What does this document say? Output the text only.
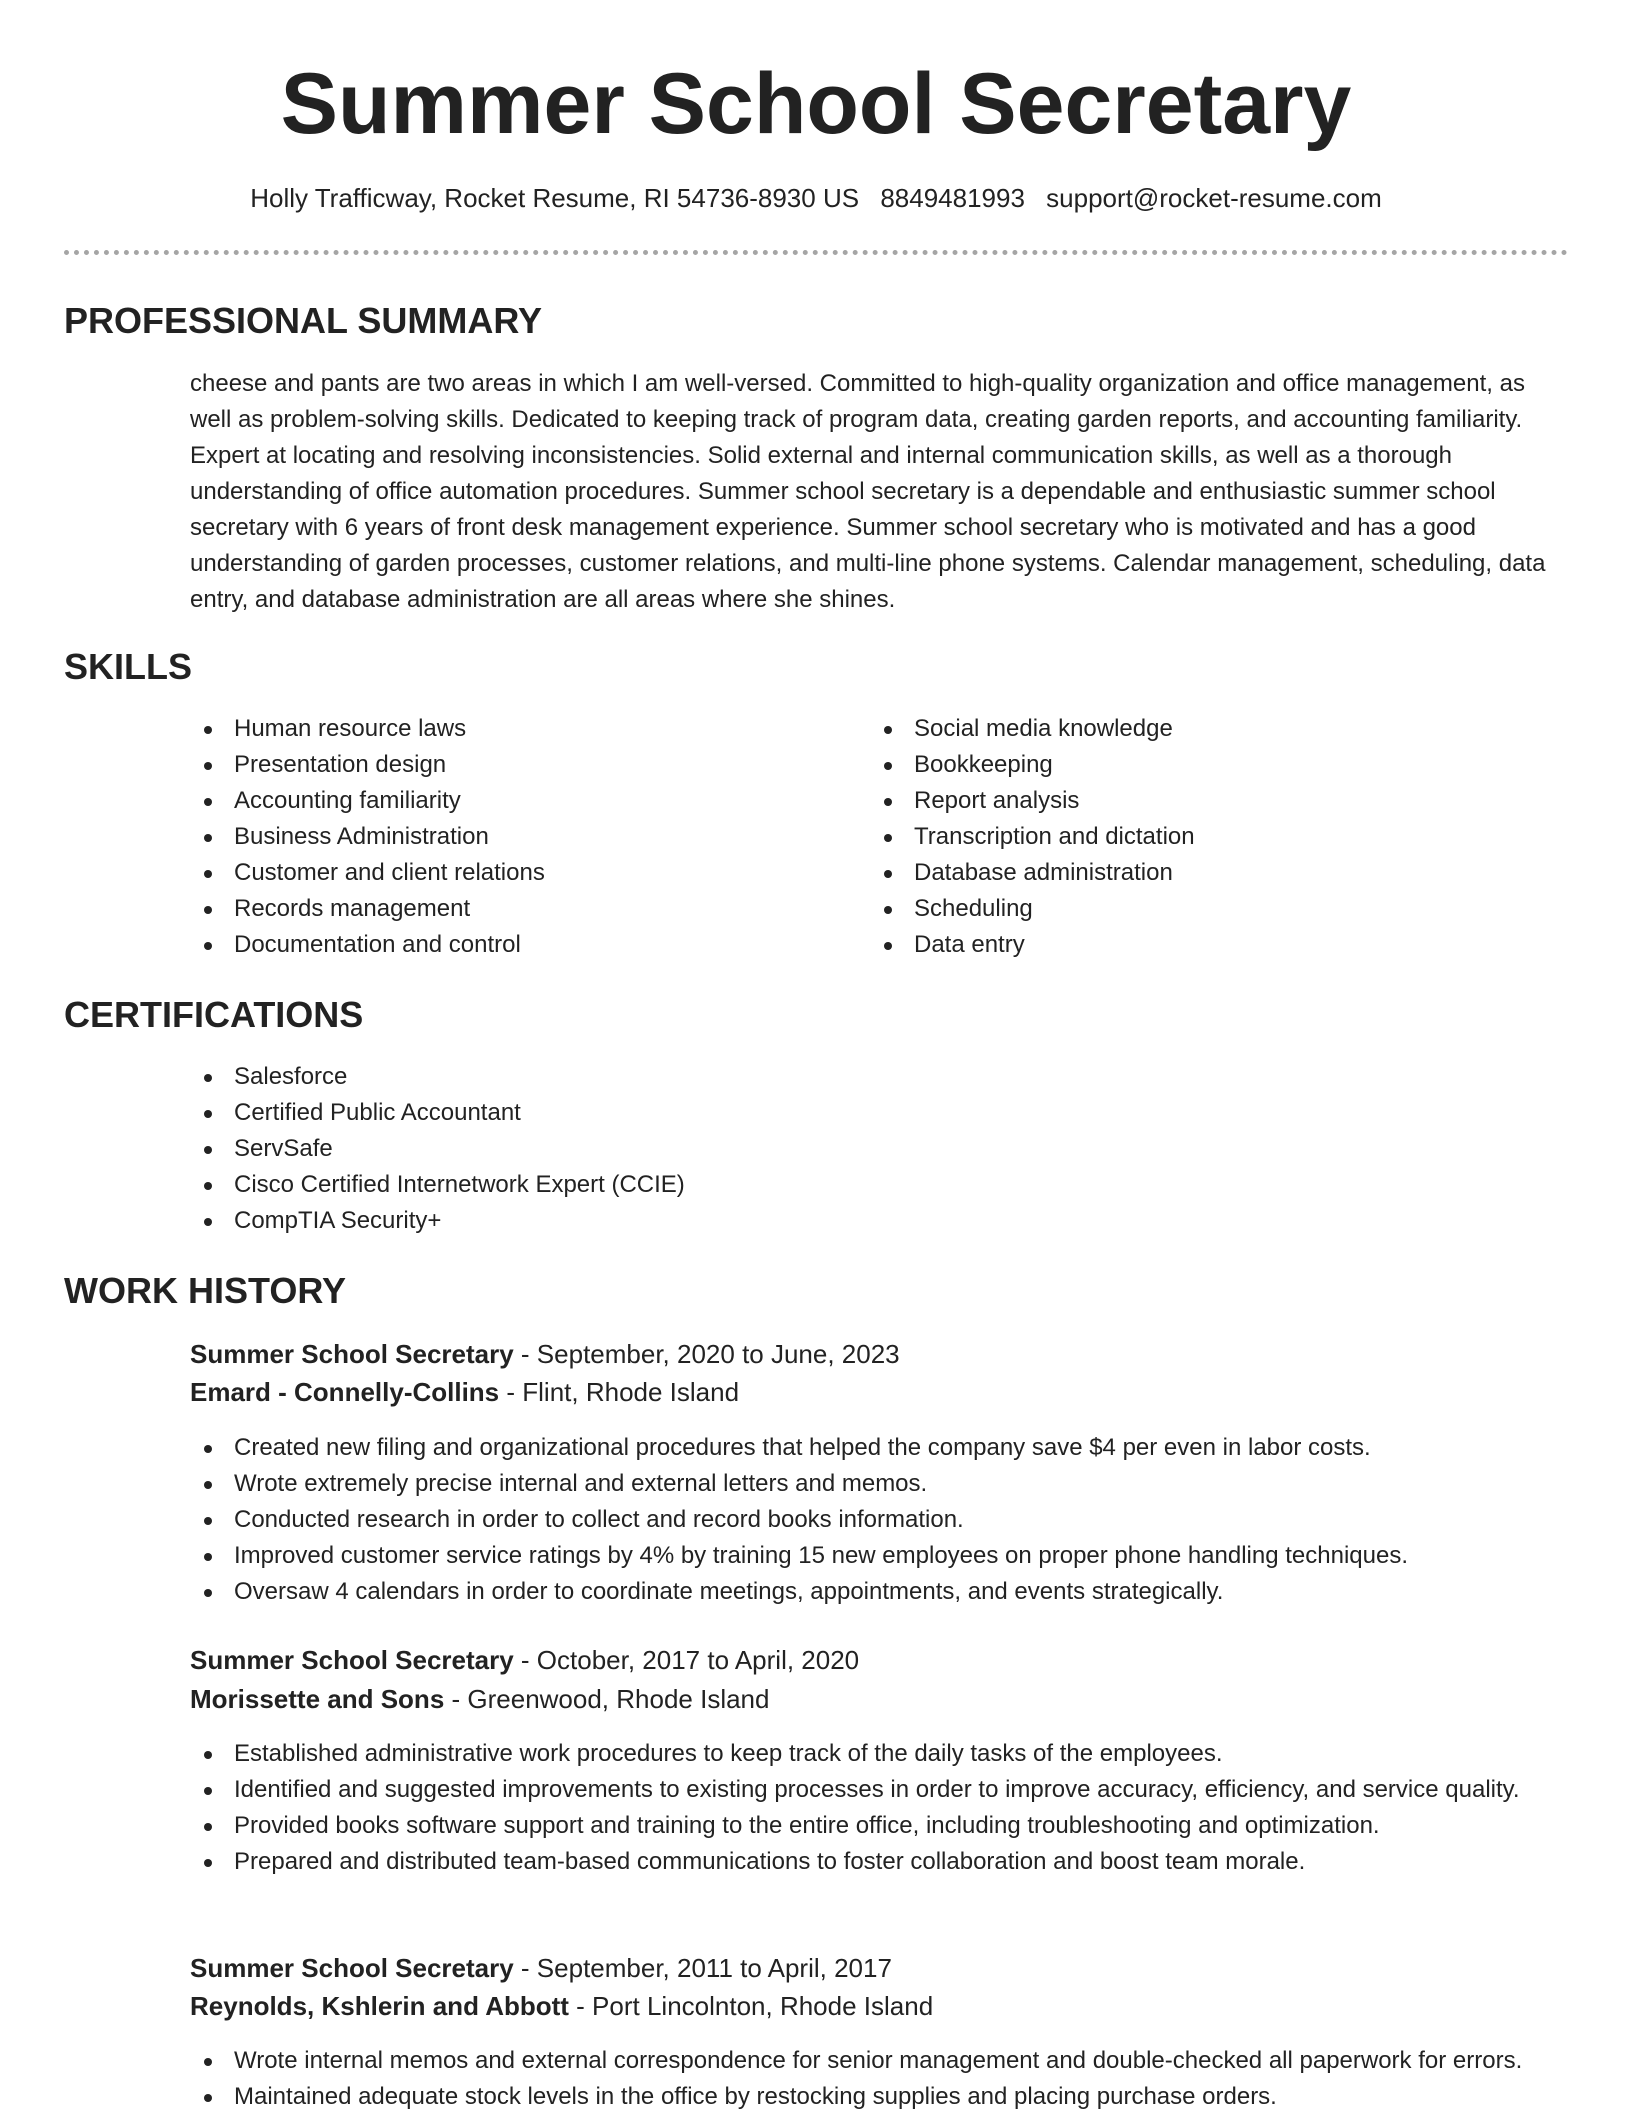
Summer School Secretary
Holly Trafficway, Rocket Resume, RI 54736-8930 US 8849481993 support@rocket-resume.com
PROFESSIONAL SUMMARY

cheese and pants are two areas in which I am well-versed. Committed to high-quality organization and office management, as well as problem-solving skills. Dedicated to keeping track of program data, creating garden reports, and accounting familiarity. Expert at locating and resolving inconsistencies. Solid external and internal communication skills, as well as a thorough understanding of office automation procedures. Summer school secretary is a dependable and enthusiastic summer school secretary with 6 years of front desk management experience. Summer school secretary who is motivated and has a good understanding of garden processes, customer relations, and multi-line phone systems. Calendar management, scheduling, data entry, and database administration are all areas where she shines.

SKILLS
Human resource laws
Presentation design
Accounting familiarity
Business Administration
Customer and client relations
Records management
Documentation and control
Social media knowledge
Bookkeeping
Report analysis
Transcription and dictation
Database administration
Scheduling
Data entry
CERTIFICATIONS
Salesforce
Certified Public Accountant
ServSafe
Cisco Certified Internetwork Expert (CCIE)
CompTIA Security+
WORK HISTORY
Summer School Secretary - September, 2020 to June, 2023
Emard - Connelly-Collins - Flint, Rhode Island
Created new filing and organizational procedures that helped the company save $4 per even in labor costs.
Wrote extremely precise internal and external letters and memos.
Conducted research in order to collect and record books information.
Improved customer service ratings by 4% by training 15 new employees on proper phone handling techniques.
Oversaw 4 calendars in order to coordinate meetings, appointments, and events strategically.
Summer School Secretary - October, 2017 to April, 2020
Morissette and Sons - Greenwood, Rhode Island
Established administrative work procedures to keep track of the daily tasks of the employees.
Identified and suggested improvements to existing processes in order to improve accuracy, efficiency, and service quality.
Provided books software support and training to the entire office, including troubleshooting and optimization.
Prepared and distributed team-based communications to foster collaboration and boost team morale.
Summer School Secretary - September, 2011 to April, 2017
Reynolds, Kshlerin and Abbott - Port Lincolnton, Rhode Island
Wrote internal memos and external correspondence for senior management and double-checked all paperwork for errors.
Maintained adequate stock levels in the office by restocking supplies and placing purchase orders.
